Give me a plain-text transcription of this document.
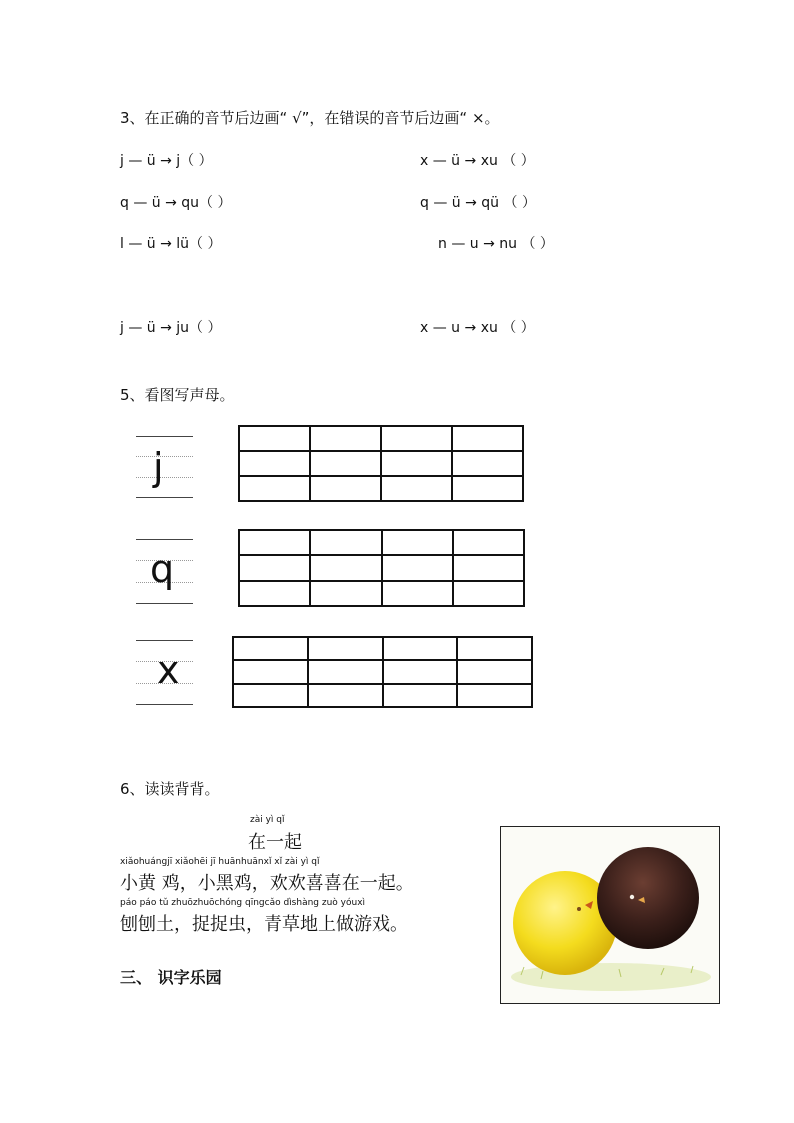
3、在正确的音节后边画“ √”，在错误的音节后边画“ ×。
j — ü → j（ ）	x — ü → xu （ ）
q — ü → qu（ ）	q — ü → qü （ ）
l — ü → lü（ ）	n — u → nu （ ）
j — ü → ju（ ）	x — u → xu （ ）
5、看图写声母。
j

q

x

6、读读背背。
zài yì qǐ
在一起
xiǎohuángjī xiǎohēi jī huānhuānxǐ xǐ zài yì qǐ
小黄 鸡，小黑鸡，欢欢喜喜在一起。
páo páo tǔ zhuōzhuōchóng qīngcǎo dìshàng zuò yóuxì
刨刨土，捉捉虫，青草地上做游戏。
三、 识字乐园
